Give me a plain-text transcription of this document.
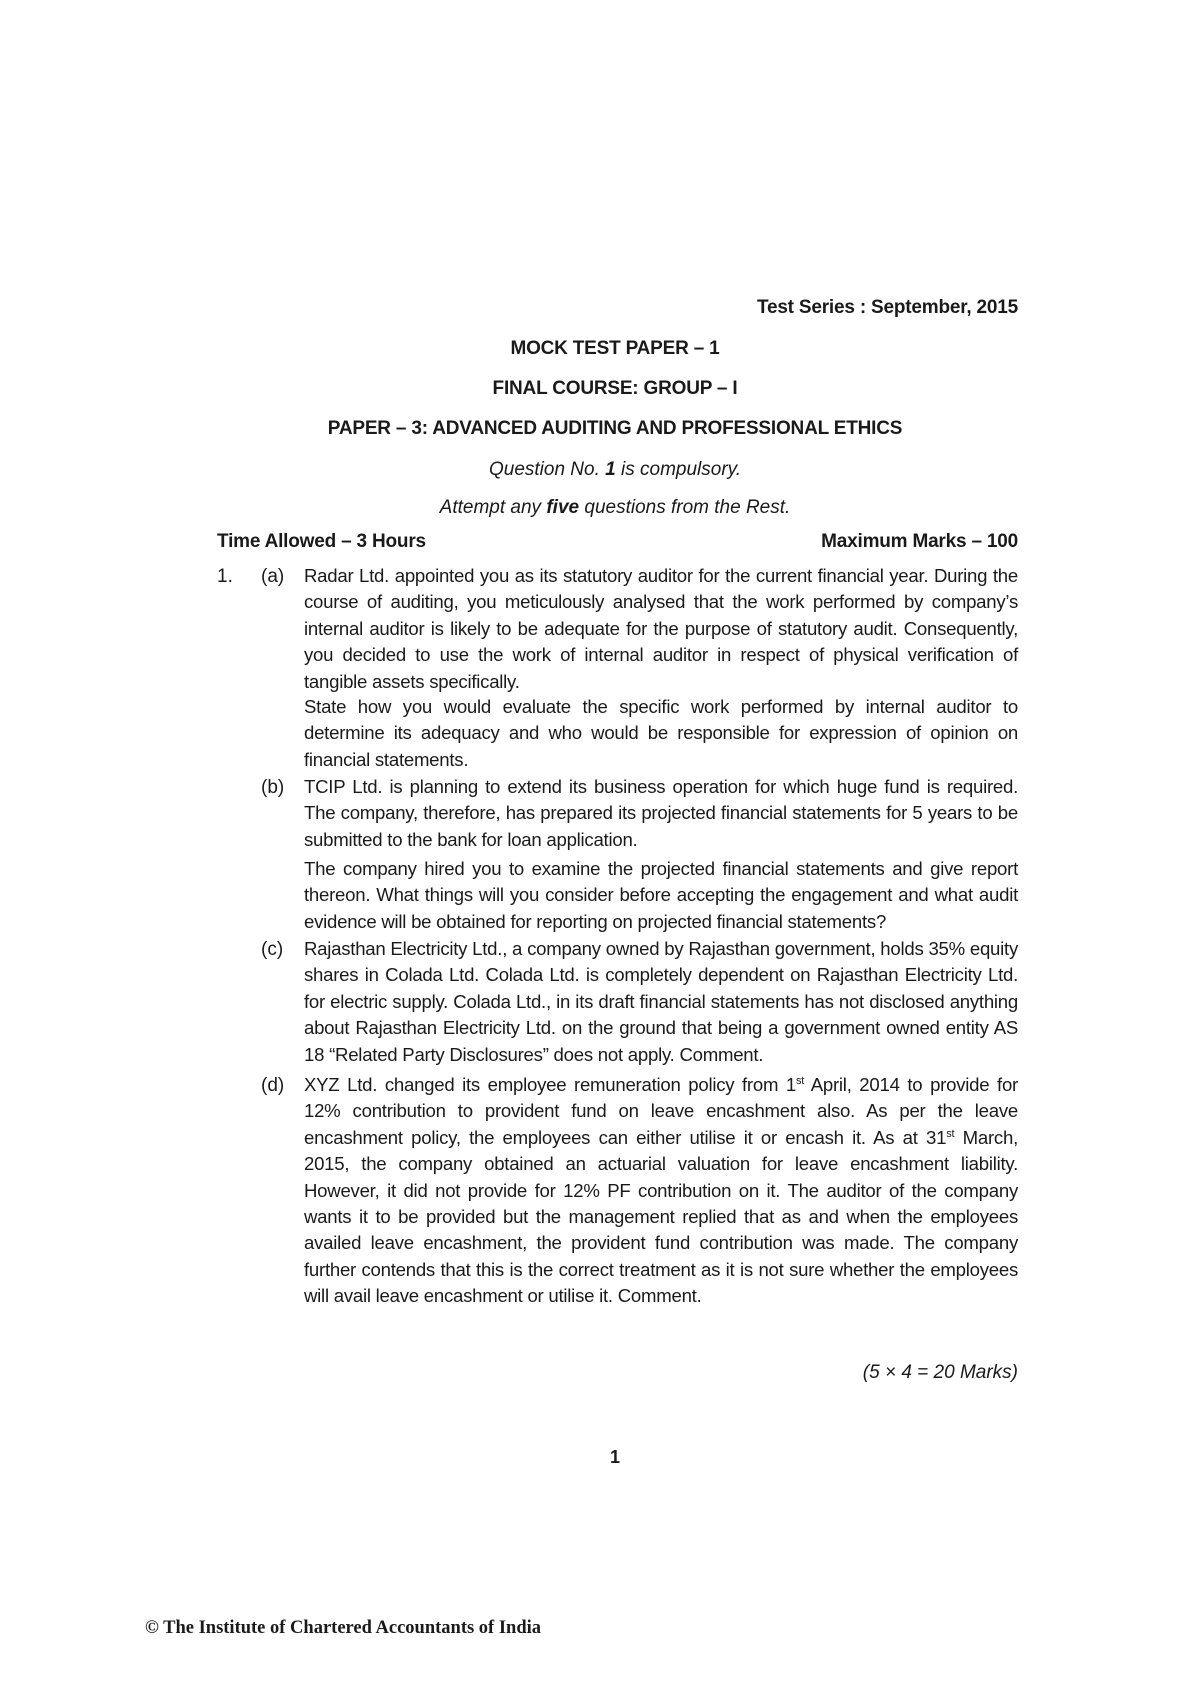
Test Series : September, 2015
MOCK TEST PAPER – 1
FINAL COURSE: GROUP – I
PAPER – 3: ADVANCED AUDITING AND PROFESSIONAL ETHICS
Question No. 1 is compulsory.
Attempt any five questions from the Rest.
Time Allowed – 3 Hours	Maximum Marks – 100
1. (a) Radar Ltd. appointed you as its statutory auditor for the current financial year. During the course of auditing, you meticulously analysed that the work performed by company’s internal auditor is likely to be adequate for the purpose of statutory audit. Consequently, you decided to use the work of internal auditor in respect of physical verification of tangible assets specifically.
State how you would evaluate the specific work performed by internal auditor to determine its adequacy and who would be responsible for expression of opinion on financial statements.
(b) TCIP Ltd. is planning to extend its business operation for which huge fund is required. The company, therefore, has prepared its projected financial statements for 5 years to be submitted to the bank for loan application.
The company hired you to examine the projected financial statements and give report thereon. What things will you consider before accepting the engagement and what audit evidence will be obtained for reporting on projected financial statements?
(c) Rajasthan Electricity Ltd., a company owned by Rajasthan government, holds 35% equity shares in Colada Ltd. Colada Ltd. is completely dependent on Rajasthan Electricity Ltd. for electric supply. Colada Ltd., in its draft financial statements has not disclosed anything about Rajasthan Electricity Ltd. on the ground that being a government owned entity AS 18 “Related Party Disclosures” does not apply. Comment.
(d) XYZ Ltd. changed its employee remuneration policy from 1st April, 2014 to provide for 12% contribution to provident fund on leave encashment also. As per the leave encashment policy, the employees can either utilise it or encash it. As at 31st March, 2015, the company obtained an actuarial valuation for leave encashment liability. However, it did not provide for 12% PF contribution on it. The auditor of the company wants it to be provided but the management replied that as and when the employees availed leave encashment, the provident fund contribution was made. The company further contends that this is the correct treatment as it is not sure whether the employees will avail leave encashment or utilise it. Comment.
(5 × 4 = 20 Marks)
1
© The Institute of Chartered Accountants of India
